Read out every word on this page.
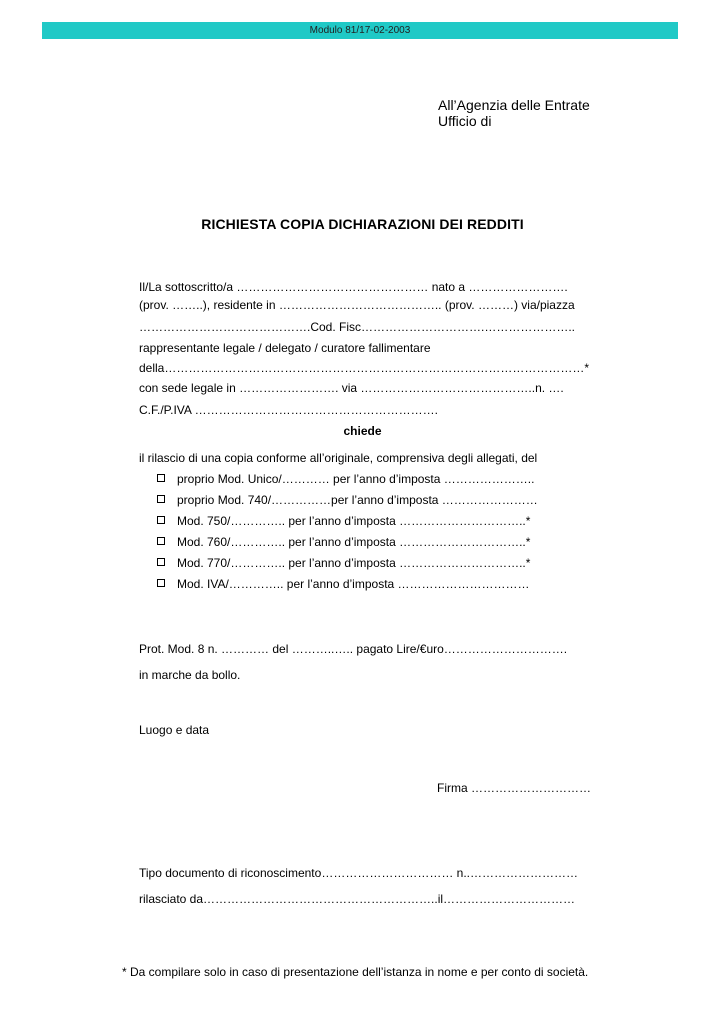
Modulo 81/17-02-2003
All’Agenzia delle Entrate
Ufficio di
RICHIESTA COPIA DICHIARAZIONI DEI REDDITI
Il/La sottoscritto/a ………………………………………… nato a …………………….
(prov. ……..), residente in ………………………………….. (prov. ………) via/piazza
…………………………………….Cod. Fisc………………………….…………………..
rappresentante legale / delegato / curatore fallimentare
della……………………………………………………………………………………………*
con sede legale in ……………………. via ……………………………………..n. ….
C.F./P.IVA …………………………………………………….
chiede
il rilascio di una copia conforme all’originale, comprensiva degli allegati, del
proprio Mod. Unico/………… per l’anno d’imposta …………………..
proprio Mod. 740/……………per l’anno d’imposta ……………………
Mod. 750/………….. per l’anno d’imposta …………………………..*
Mod. 760/………….. per l’anno d’imposta …………………………..*
Mod. 770/………….. per l’anno d’imposta …………………………..*
Mod. IVA/………….. per l’anno d’imposta ……………………………
Prot. Mod. 8 n. ………… del ………..….. pagato Lire/€uro………………………….
in marche da bollo.
Luogo e data
Firma …………………………
Tipo documento di riconoscimento…………………………… n..………………………
rilasciato da…………………………………………………..il……………………………
* Da compilare solo in caso di presentazione dell’istanza in nome e per conto di società.
